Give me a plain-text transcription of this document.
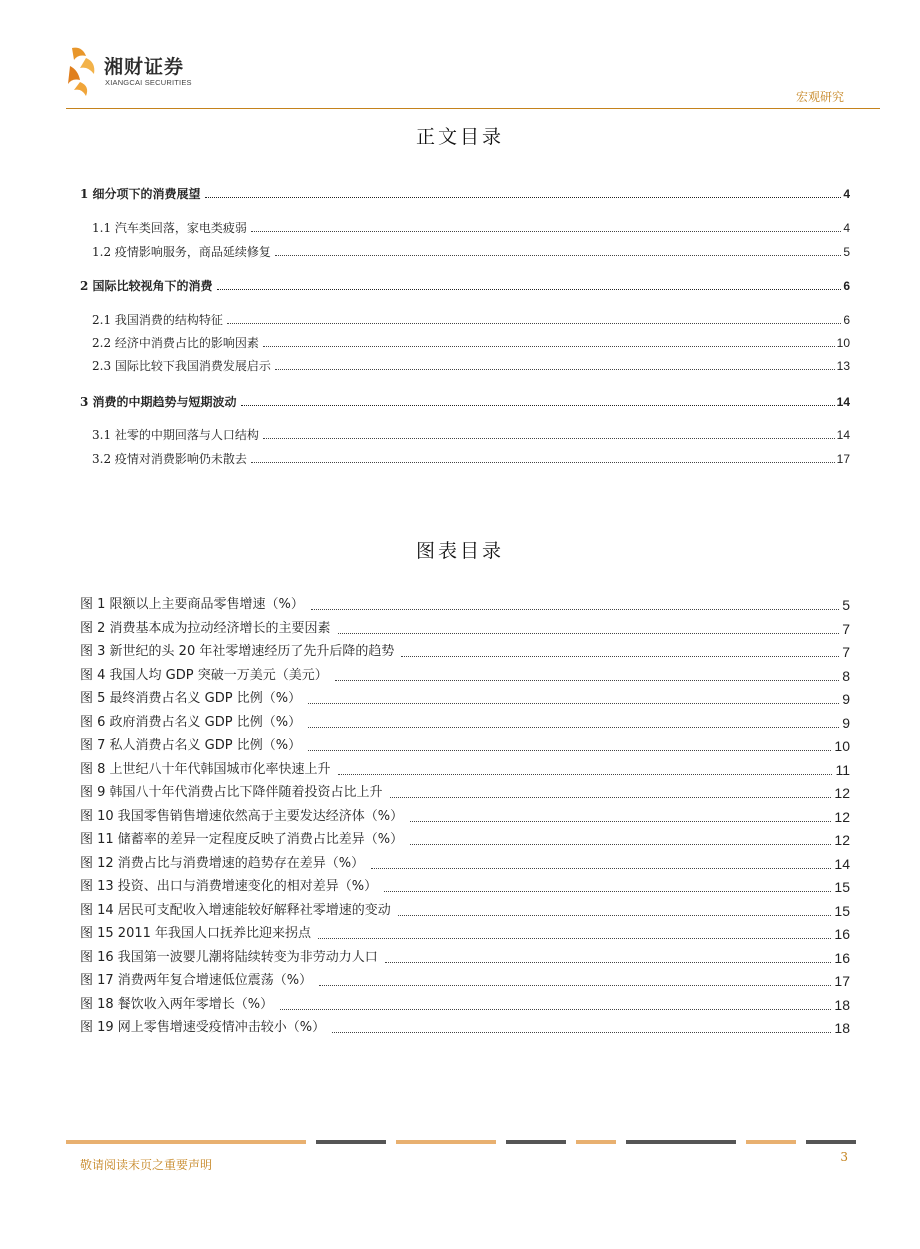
湘财证券
XIANGCAI SECURITIES
宏观研究
正文目录
1 细分项下的消费展望	4
1.1 汽车类回落，家电类疲弱	4
1.2 疫情影响服务，商品延续修复	5
2 国际比较视角下的消费	6
2.1 我国消费的结构特征	6
2.2 经济中消费占比的影响因素	10
2.3 国际比较下我国消费发展启示	13
3 消费的中期趋势与短期波动	14
3.1 社零的中期回落与人口结构	14
3.2 疫情对消费影响仍未散去	17
图表目录
图 1 限额以上主要商品零售增速（%）	5
图 2 消费基本成为拉动经济增长的主要因素	7
图 3 新世纪的头 20 年社零增速经历了先升后降的趋势	7
图 4 我国人均 GDP 突破一万美元（美元）	8
图 5 最终消费占名义 GDP 比例（%）	9
图 6 政府消费占名义 GDP 比例（%）	9
图 7 私人消费占名义 GDP 比例（%）	10
图 8 上世纪八十年代韩国城市化率快速上升	11
图 9 韩国八十年代消费占比下降伴随着投资占比上升	12
图 10 我国零售销售增速依然高于主要发达经济体（%）	12
图 11 储蓄率的差异一定程度反映了消费占比差异（%）	12
图 12 消费占比与消费增速的趋势存在差异（%）	14
图 13 投资、出口与消费增速变化的相对差异（%）	15
图 14 居民可支配收入增速能较好解释社零增速的变动	15
图 15 2011 年我国人口抚养比迎来拐点	16
图 16 我国第一波婴儿潮将陆续转变为非劳动力人口	16
图 17 消费两年复合增速低位震荡（%）	17
图 18 餐饮收入两年零增长（%）	18
图 19 网上零售增速受疫情冲击较小（%）	18
敬请阅读末页之重要声明
3
